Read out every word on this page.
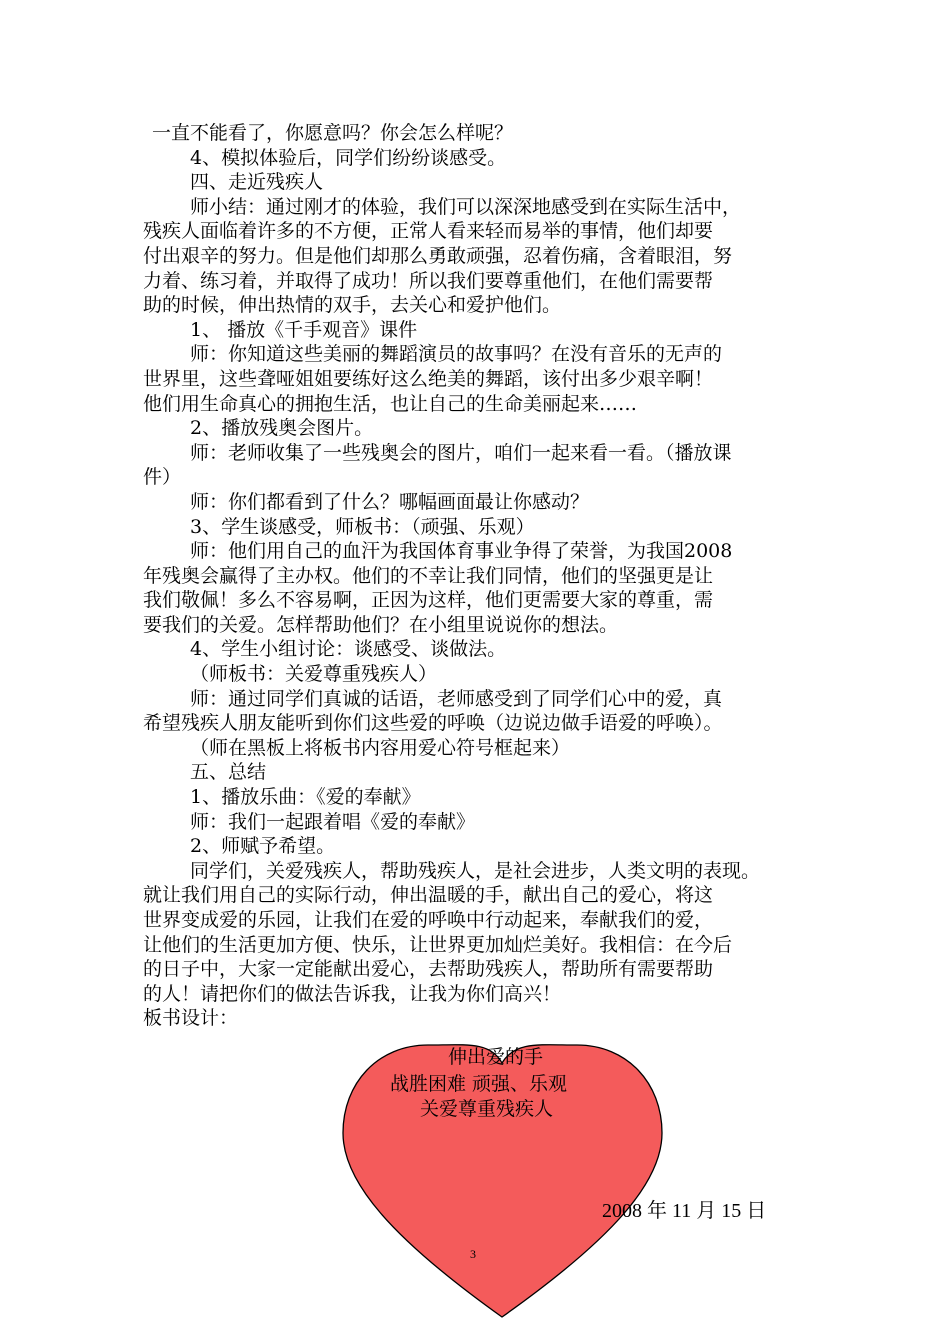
一直不能看了，你愿意吗？你会怎么样呢？
4、模拟体验后，同学们纷纷谈感受。
四、走近残疾人
师小结：通过刚才的体验，我们可以深深地感受到在实际生活中，
残疾人面临着许多的不方便，正常人看来轻而易举的事情，他们却要
付出艰辛的努力。但是他们却那么勇敢顽强，忍着伤痛，含着眼泪，努
力着、练习着，并取得了成功！所以我们要尊重他们，在他们需要帮
助的时候，伸出热情的双手，去关心和爱护他们。
1、 播放《千手观音》课件
师：你知道这些美丽的舞蹈演员的故事吗？在没有音乐的无声的
世界里，这些聋哑姐姐要练好这么绝美的舞蹈，该付出多少艰辛啊！
他们用生命真心的拥抱生活，也让自己的生命美丽起来……
2、播放残奥会图片。
师：老师收集了一些残奥会的图片，咱们一起来看一看。（播放课
件）
师：你们都看到了什么？哪幅画面最让你感动？
3、学生谈感受，师板书：（顽强、乐观）
师：他们用自己的血汗为我国体育事业争得了荣誉，为我国2008
年残奥会赢得了主办权。他们的不幸让我们同情，他们的坚强更是让
我们敬佩！多么不容易啊，正因为这样，他们更需要大家的尊重，需
要我们的关爱。怎样帮助他们？在小组里说说你的想法。
4、学生小组讨论：谈感受、谈做法。
（师板书：关爱尊重残疾人）
师：通过同学们真诚的话语，老师感受到了同学们心中的爱，真
希望残疾人朋友能听到你们这些爱的呼唤（边说边做手语爱的呼唤）。
（师在黑板上将板书内容用爱心符号框起来）
五、总结
1、播放乐曲：《爱的奉献》
师：我们一起跟着唱《爱的奉献》
2、师赋予希望。
同学们，关爱残疾人，帮助残疾人，是社会进步，人类文明的表现。
就让我们用自己的实际行动，伸出温暖的手，献出自己的爱心，将这
世界变成爱的乐园，让我们在爱的呼唤中行动起来，奉献我们的爱，
让他们的生活更加方便、快乐，让世界更加灿烂美好。我相信：在今后
的日子中，大家一定能献出爱心，去帮助残疾人，帮助所有需要帮助
的人！请把你们的做法告诉我，让我为你们高兴！
板书设计：
伸出爱的手
战胜困难 顽强、乐观
关爱尊重残疾人
2008 年 11 月 15 日
3
